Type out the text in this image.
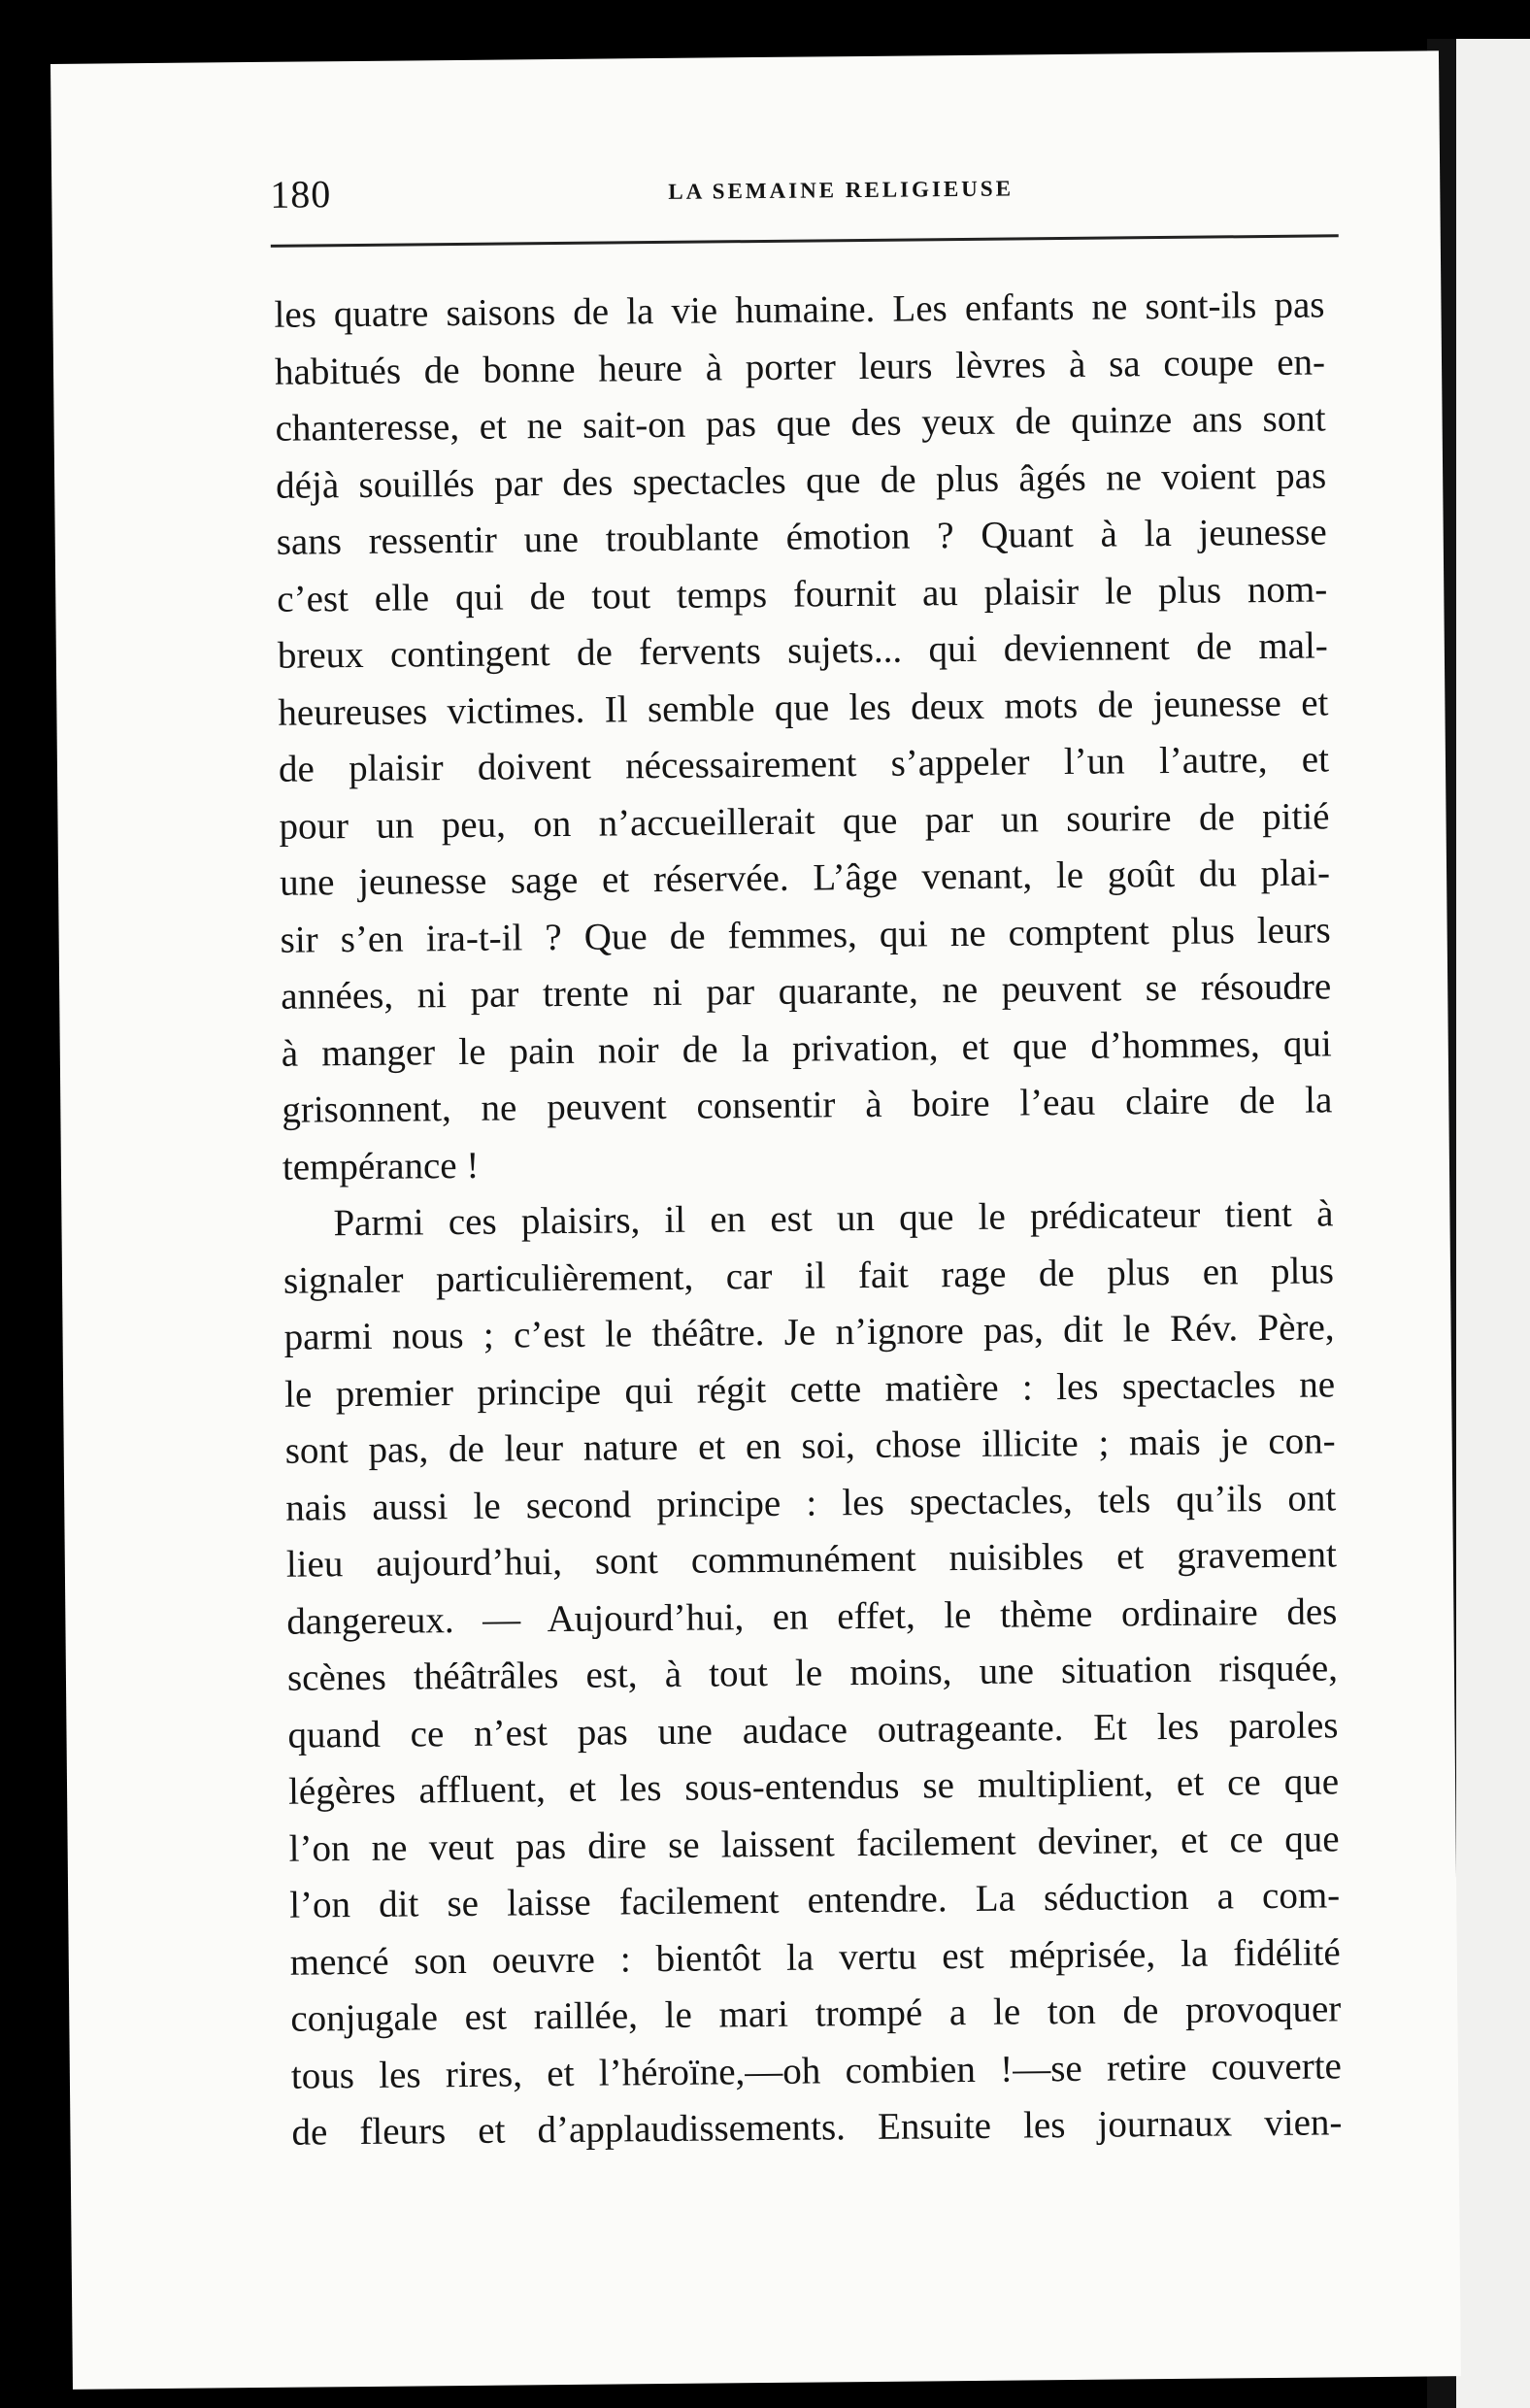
180	LA SEMAINE RELIGIEUSE
les quatre saisons de la vie humaine. Les enfants ne sont-ils pas
habitués de bonne heure à porter leurs lèvres à sa coupe en-
chanteresse, et ne sait-on pas que des yeux de quinze ans sont
déjà souillés par des spectacles que de plus âgés ne voient pas
sans ressentir une troublante émotion ? Quant à la jeunesse
c’est elle qui de tout temps fournit au plaisir le plus nom-
breux contingent de fervents sujets... qui deviennent de mal-
heureuses victimes. Il semble que les deux mots de jeunesse et
de plaisir doivent nécessairement s’appeler l’un l’autre, et
pour un peu, on n’accueillerait que par un sourire de pitié
une jeunesse sage et réservée. L’âge venant, le goût du plai-
sir s’en ira-t-il ? Que de femmes, qui ne comptent plus leurs
années, ni par trente ni par quarante, ne peuvent se résoudre
à manger le pain noir de la privation, et que d’hommes, qui
grisonnent, ne peuvent consentir à boire l’eau claire de la
tempérance !
Parmi ces plaisirs, il en est un que le prédicateur tient à
signaler particulièrement, car il fait rage de plus en plus
parmi nous ; c’est le théâtre. Je n’ignore pas, dit le Rév. Père,
le premier principe qui régit cette matière : les spectacles ne
sont pas, de leur nature et en soi, chose illicite ; mais je con-
nais aussi le second principe : les spectacles, tels qu’ils ont
lieu aujourd’hui, sont communément nuisibles et gravement
dangereux. — Aujourd’hui, en effet, le thème ordinaire des
scènes théâtrâles est, à tout le moins, une situation risquée,
quand ce n’est pas une audace outrageante. Et les paroles
légères affluent, et les sous-entendus se multiplient, et ce que
l’on ne veut pas dire se laissent facilement deviner, et ce que
l’on dit se laisse facilement entendre. La séduction a com-
mencé son oeuvre : bientôt la vertu est méprisée, la fidélité
conjugale est raillée, le mari trompé a le ton de provoquer
tous les rires, et l’héroïne,—oh combien !—se retire couverte
de fleurs et d’applaudissements. Ensuite les journaux vien-
